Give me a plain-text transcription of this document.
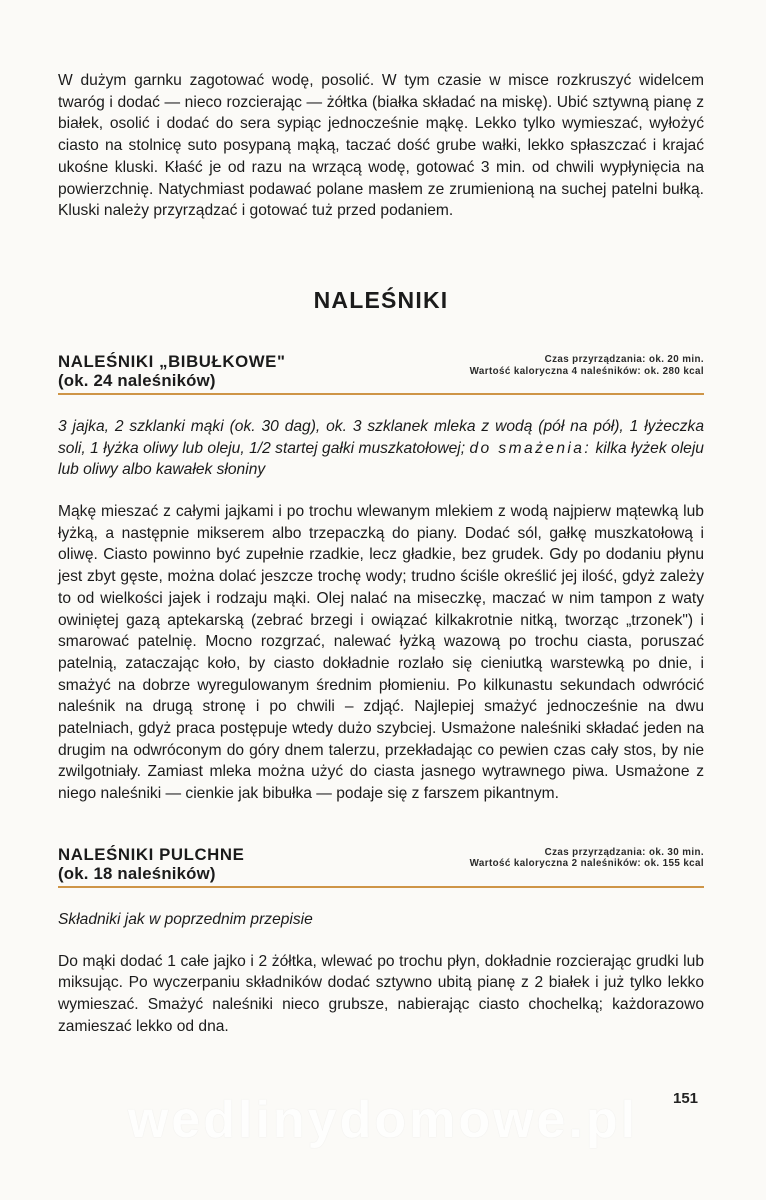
W dużym garnku zagotować wodę, posolić. W tym czasie w misce rozkruszyć widelcem twaróg i dodać — nieco rozcierając — żółtka (białka składać na miskę). Ubić sztywną pianę z białek, osolić i dodać do sera sypiąc jednocześnie mąkę. Lekko tylko wymieszać, wyłożyć ciasto na stolnicę suto posypaną mąką, taczać dość grube wałki, lekko spłaszczać i krajać ukośne kluski. Kłaść je od razu na wrzącą wodę, gotować 3 min. od chwili wypłynięcia na powierzchnię. Natychmiast podawać polane masłem ze zrumienioną na suchej patelni bułką. Kluski należy przyrządzać i gotować tuż przed podaniem.

NALEŚNIKI
NALEŚNIKI „BIBUŁKOWE"
(ok. 24 naleśników)
Czas przyrządzania: ok. 20 min.
Wartość kaloryczna 4 naleśników: ok. 280 kcal

3 jajka, 2 szklanki mąki (ok. 30 dag), ok. 3 szklanek mleka z wodą (pół na pół), 1 łyżeczka soli, 1 łyżka oliwy lub oleju, 1/2 startej gałki muszkatołowej; do smażenia: kilka łyżek oleju lub oliwy albo kawałek słoniny

Mąkę mieszać z całymi jajkami i po trochu wlewanym mlekiem z wodą najpierw mątewką lub łyżką, a następnie mikserem albo trzepaczką do piany. Dodać sól, gałkę muszkatołową i oliwę. Ciasto powinno być zupełnie rzadkie, lecz gładkie, bez grudek. Gdy po dodaniu płynu jest zbyt gęste, można dolać jeszcze trochę wody; trudno ściśle określić jej ilość, gdyż zależy to od wielkości jajek i rodzaju mąki. Olej nalać na miseczkę, maczać w nim tampon z waty owiniętej gazą aptekarską (zebrać brzegi i owiązać kilkakrotnie nitką, tworząc „trzonek") i smarować patelnię. Mocno rozgrzać, nalewać łyżką wazową po trochu ciasta, poruszać patelnią, zataczając koło, by ciasto dokładnie rozlało się cieniutką warstewką po dnie, i smażyć na dobrze wyregulowanym średnim płomieniu. Po kilkunastu sekundach odwrócić naleśnik na drugą stronę i po chwili – zdjąć. Najlepiej smażyć jednocześnie na dwu patelniach, gdyż praca postępuje wtedy dużo szybciej. Usmażone naleśniki składać jeden na drugim na odwróconym do góry dnem talerzu, przekładając co pewien czas cały stos, by nie zwilgotniały. Zamiast mleka można użyć do ciasta jasnego wytrawnego piwa. Usmażone z niego naleśniki — cienkie jak bibułka — podaje się z farszem pikantnym.

NALEŚNIKI PULCHNE
(ok. 18 naleśników)
Czas przyrządzania: ok. 30 min.
Wartość kaloryczna 2 naleśników: ok. 155 kcal

Składniki jak w poprzednim przepisie

Do mąki dodać 1 całe jajko i 2 żółtka, wlewać po trochu płyn, dokładnie rozcierając grudki lub miksując. Po wyczerpaniu składników dodać sztywno ubitą pianę z 2 białek i już tylko lekko wymieszać. Smażyć naleśniki nieco grubsze, nabierając ciasto chochelką; każdorazowo zamieszać lekko od dna.

wedlinydomowe.pl	151
